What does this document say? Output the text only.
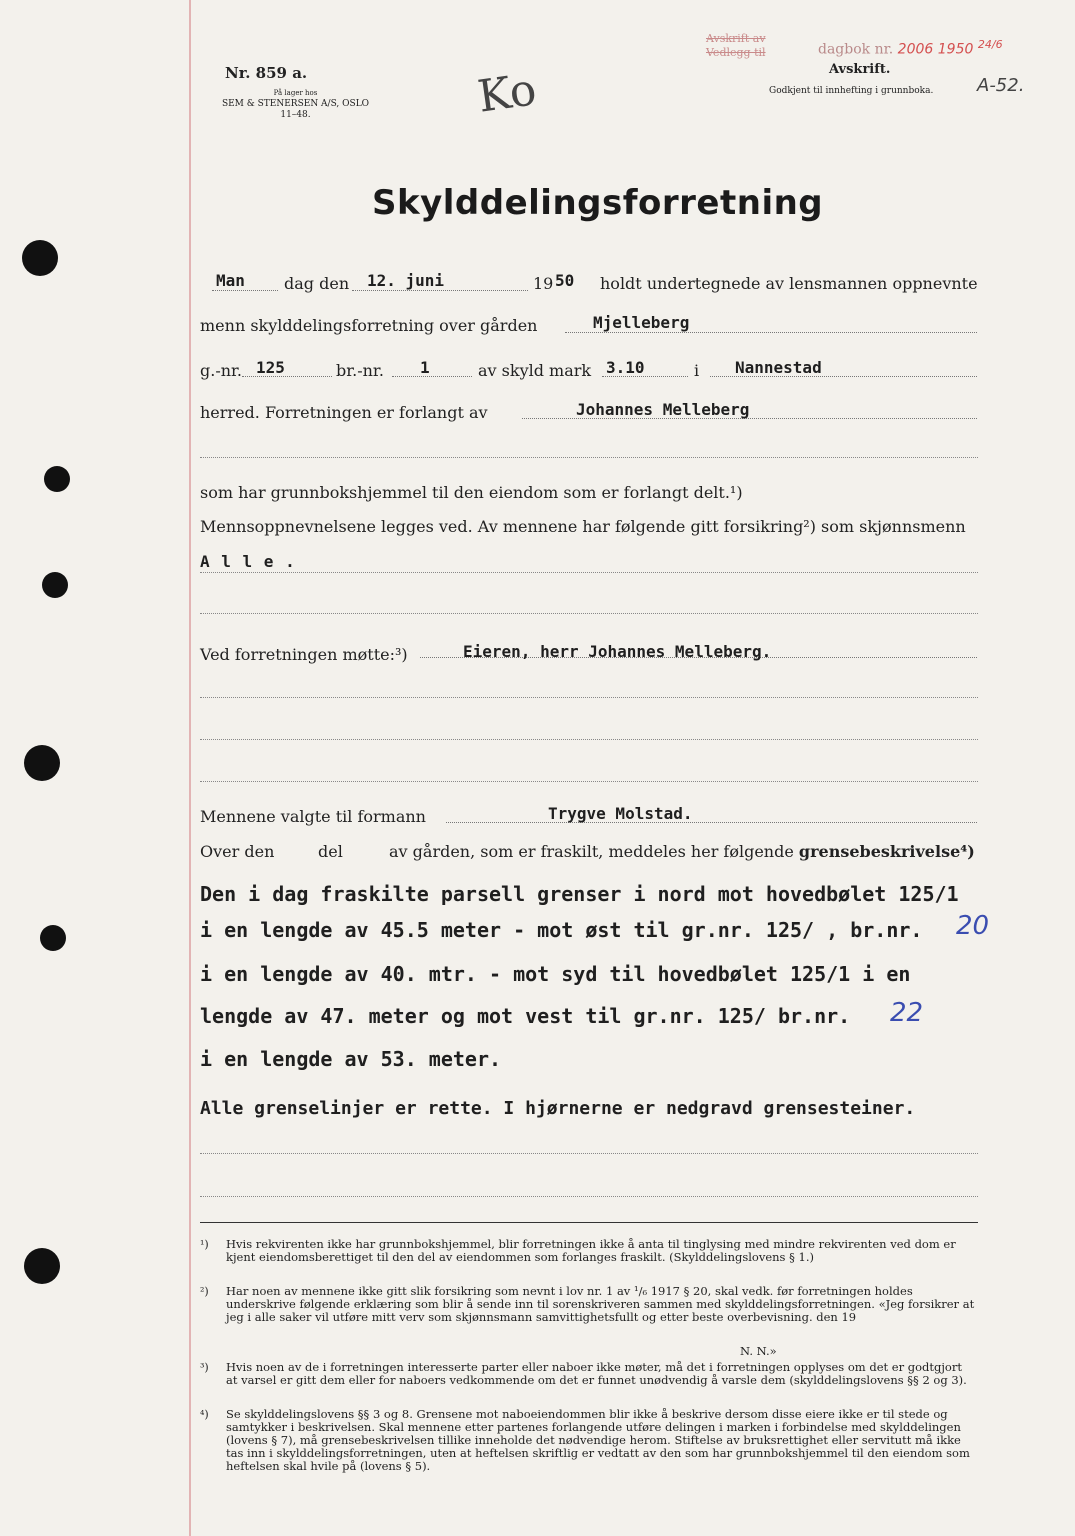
Nr. 859 a.
På lager hos
SEM & STENERSEN A/S, OSLO
11–48.	Ko
Avskrift av
Vedlegg til	dagbok nr. 2006 1950 $^{24/6}$
Avskrift.
Godkjent til innhefting i grunnboka. A-52.
Skylddelingsforretning
Man dag den 12. juni	19 50 holdt undertegnede av lensmannen oppnevnte
menn skylddelingsforretning over gården	Mjelleberg
g.-nr. 125	br.-nr. 1	av skyld mark 3.10	i Nannestad
herred. Forretningen er forlangt av	Johannes Melleberg
som har grunnbokshjemmel til den eiendom som er forlangt delt.¹)
Mennsoppnevnelsene legges ved. Av mennene har følgende gitt forsikring²) som skjønnsmenn
A l l e .
Ved forretningen møtte:³)	Eieren, herr Johannes Melleberg.
Mennene valgte til formann	Trygve Molstad.
Over den	del	av gården, som er fraskilt, meddeles her følgende grensebeskrivelse⁴)
Den i dag fraskilte parsell grenser i nord mot hovedbølet 125/1
i en lengde av 45.5 meter - mot øst til gr.nr. 125/ , br.nr. 20
i en lengde av 40. mtr. - mot syd til hovedbølet 125/1 i en
lengde av 47. meter og mot vest til gr.nr. 125/ br.nr. 22
i en lengde av 53. meter.
Alle grenselinjer er rette. I hjørnerne er nedgravd grensesteiner.
¹) Hvis rekvirenten ikke har grunnbokshjemmel, blir forretningen ikke å anta til tinglysing med mindre rekvirenten ved dom er kjent eiendomsberettiget til den del av eiendommen som forlanges fraskilt. (Skylddelingslovens § 1.)
²) Har noen av mennene ikke gitt slik forsikring som nevnt i lov nr. 1 av ¹/₆ 1917 § 20, skal vedk. før forretningen holdes underskrive følgende erklæring som blir å sende inn til sorenskriveren sammen med skylddelingsforretningen. «Jeg forsikrer at jeg i alle saker vil utføre mitt verv som skjønnsmann samvittighetsfullt og etter beste overbevisning. den 19
N. N.»
³) Hvis noen av de i forretningen interesserte parter eller naboer ikke møter, må det i forretningen opplyses om det er godtgjort at varsel er gitt dem eller for naboers vedkommende om det er funnet unødvendig å varsle dem (skylddelingslovens §§ 2 og 3).
⁴) Se skylddelingslovens §§ 3 og 8. Grensene mot naboeiendommen blir ikke å beskrive dersom disse eiere ikke er til stede og samtykker i beskrivelsen. Skal mennene etter partenes forlangende utføre delingen i marken i forbindelse med skylddelingen (lovens § 7), må grensebeskrivelsen tillike inneholde det nødvendige herom. Stiftelse av bruksrettighet eller servitutt må ikke tas inn i skylddelingsforretningen, uten at heftelsen skriftlig er vedtatt av den som har grunnbokshjemmel til den eiendom som heftelsen skal hvile på (lovens § 5).
